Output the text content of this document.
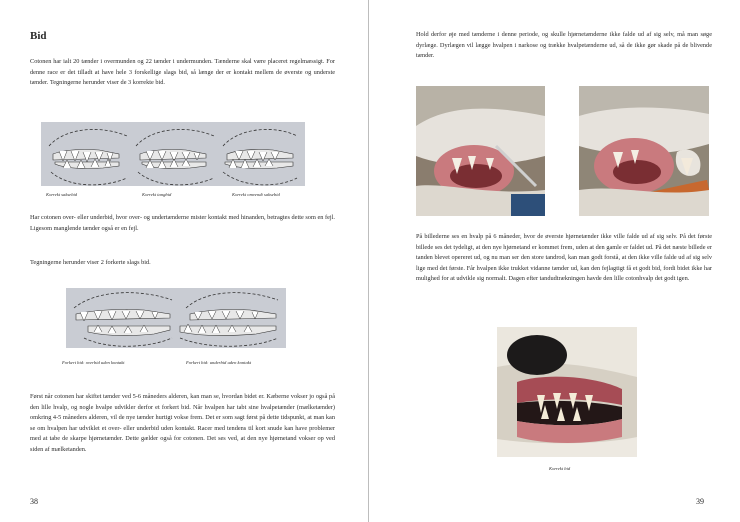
Bid

Cotonen har ialt 20 tænder i overmunden og 22 tænder i undermunden. Tænderne skal være placeret regelmæssigt. For denne race er det tilladt at have hele 3 forskellige slags bid, så længe der er kontakt mellem de øverste og underste tænder. Tegningerne herunder viser de 3 korrekte bid.

Korrekt saksebid	Korrekt tangbid	Korrekt omvendt saksebid

Har cotonen over- eller underbid, hvor over- og undertænderne mister kontakt med hinanden, betragtes dette som en fejl. Ligesom manglende tænder også er en fejl.

Tegningerne herunder viser 2 forkerte slags bid.

Forkert bid: overbid uden kontakt	Forkert bid: underbid uden kontakt

Først når cotonen har skiftet tænder ved 5-6 måneders alderen, kan man se, hvordan bidet er. Kæberne vokser jo også på den lille hvalp, og nogle hvalpe udvikler derfor et forkert bid. Når hvalpen har tabt sine hvalpetænder (mælketænder) omkring 4-5 måneders alderen, vil de nye tænder hurtigt vokse frem. Det er som sagt først på dette tidspunkt, at man kan se om hvalpen har udviklet et over- eller underbid uden kontakt. Racer med tendens til kort snude kan have problemer med at tabe de skarpe hjørnetænder. Dette gælder også for cotonen. Det ses ved, at den nye hjørnetand vokser op ved siden af mælketanden.

38

Hold derfor øje med tænderne i denne periode, og skulle hjørnetænderne ikke falde ud af sig selv, må man søge dyrlæge. Dyrlægen vil lægge hvalpen i narkose og trække hvalpetænderne ud, så de ikke gør skade på de blivende tænder.

På billederne ses en hvalp på 6 måneder, hvor de øverste hjørnetænder ikke ville falde ud af sig selv. På det første billede ses det tydeligt, at den nye hjørnetand er kommet frem, uden at den gamle er faldet ud. På det næste billede er tanden blevet opereret ud, og nu man ser den store tandrod, kan man godt forstå, at den ikke ville falde ud af sig selv lige med det første. Får hvalpen ikke trukket vidanne tænder ud, kan den fejlagtigt få et godt bid, fordi bidet ikke har mulighed for at udvikle sig normalt. Dagen efter tandudtrækningen havde den lille cotonhvalp det godt igen.

Korrekt bid
39
